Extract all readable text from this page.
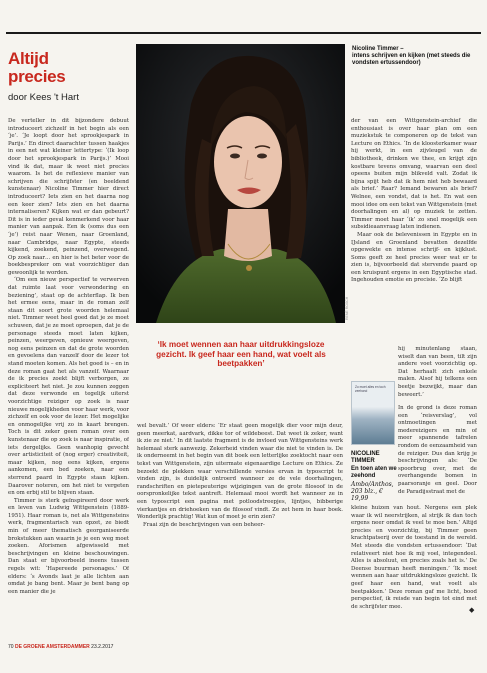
Altijd
precies
door Kees 't Hart
RENÉ ROSCH
Nicoline Timmer –
intens schrijven en kijken (met steeds die vondsten ertussendoor)

De verteller in dit bijzondere debuut introduceert zichzelf in het begin als een ‘je’. ‘Je loopt door het sprookjespark in Parijs.’ En direct daarachter tussen haakjes in een net wat kleiner lettertype: ‘(Ik loop door het sprookjespark in Parijs.)’ Mooi vind ik dat, maar ik weet niet precies waarom. Is het de reflexieve manier van schrijven die schrijfster (en beeldend kunstenaar) Nicoline Timmer hier direct introduceert? Iets zien en het daarna nog een keer zien? Iets zien en het daarna internaliseren? Kijken wat er dan gebeurt? Dit is in ieder geval kenmerkend voor haar manier van aanpak. Een ik (soms dus een ‘je’) reist naar Wenen, naar Groenland, naar Cambridge, naar Egypte, steeds kijkend, zoekend, peinzend, overwegend. Op zoek naar… en hier is het beter voor de boekbespreker om wat voorzichtiger dan gewoonlijk te worden.

‘Om een nieuw perspectief te verwerven dat ruimte laat voor verwondering en beziening’, staat op de achterflap. Ik ben het ermee eens, maar in de roman zelf staan dit soort grote woorden helemaal niet. Timmer weet heel goed dat je ze moet schuwen, dat je ze moet oproepen, dat je de personage steeds moet laten kijken, peinzen, weergeven, opnieuw weergeven, nog eens peinzen en dat de grote woorden en gevoelens dan vanzelf door de lezer tot stand moeten komen. Als het goed is – en in deze roman gaat het als vanzelf. Waarnaar de ik precies zoekt blijft verborgen, ze expliciteert het niet. Je zou kunnen zeggen dat deze verwonde en tegelijk uiterst voorzichtige reiziger op zoek is naar nieuwe mogelijkheden voor haar werk, voor zichzelf en ook voor de lezer. Het mogelijke en onmogelijke vrij zo in kaart brengen. Toch is dit zeker geen roman over een kunstenaar die op zoek is naar inspiratie, of iets dergelijks. Geen wanhopig gevecht over artisticiteit of (nog erger) creativiteit, maar kijken, nog eens kijken, ergens aankomen, een bed zoeken, naar een sterrend paard in Egypte staan kijken. Daarover noteren, om het niet te vergeten en om erbij stil te blijven staan.

Timmer is sterk geïnspireerd door werk en leven van Ludwig Wittgenstein (1889-1951). Haar roman is, net als Wittgensteins werk, fragmentarisch van opzet, ze biedt min of meer thematisch georganiseerde brokstukken aan waarin je je een weg moet zoeken. Aforismen afgewisseld met beschrijvingen en kleine beschouwingen. Dan staat er bijvoorbeeld ineens tussen regels wit: ‘Hapereede personages.’ Of elders: ‘s Avonds laat je alle lichten aan omdat je bang bent. Maar je bent bang op een manier die je

‘Ik moet wennen aan haar uitdrukkingsloze gezicht. Ik geef haar een hand, wat voelt als beetpakken’

wel bevalt.’ Of weer elders: ‘Er staat geen mogelijk dier voor mijn deur, geen meerkat, aardvark, dikke tor of wildebeest. Dat weet ik zeker, want ik zie ze niet.’ In dit laatste fragment is de invloed van Wittgensteins werk helemaal sterk aanwezig. Zekerheid vinden waar die niet te vinden is. De ik onderneemt in het begin van dit boek een letterlijke zoektocht naar een tekst van Wittgenstein, zijn uitermate eigenaardige Lecture on Ethics. Ze bezoekt de plekken waar verschillende versies ervan in typoscript te vinden zijn, is duidelijk ontroerd wanneer ze de vele doorhalingen, randschriften en pietepeuterige wijzigingen van de grote filosoof in de oorspronkelijke tekst aantreft. Helemaal mooi wordt het wanneer ze in een typoscript een pagina met potloodstreepjes, lijntjes, bibberige vierkantjes en driehoeken van de filosoof vindt. Ze zet hem in haar boek. Wonderlijk prachtig! Wat kun of moet je erin zien?

Fraai zijn de beschrijvingen van een beheer-

der van een Wittgenstein-archief die enthousiast is over haar plan om een muziekstuk te componeren op de tekst van Lecture on Ethics. ‘In de kloosterkamer waar hij werkt, in een zijvleugel van de bibliotheek, drinken we thee, en krijgt zijn kostbare tevens omvang, waarvan een deel opeens buiten mijn blikveld valt. Zodat ik bijna spijt heb dat ik hem niet heb bewaard als brief.’ Raar? Iemand bewaren als brief? Welnee, een vondst, dat is het. En wat een mooi idee om een tekst van Wittgenstein (met doorhalingen en al) op muziek te zetten. Timmer moet haar ‘ik’ zo snel mogelijk een subsidieaanvraag laten indienen.

Maar ook de belevenissen in Egypte en in IJsland en Groenland bevatten dezelfde opgewekte en intense schrijf- en kijklust. Soms geeft ze heel precies weer wat er te zien is, bijvoorbeeld dat stervende paard op een kruispunt ergens in een Egyptische stad. Ingehouden emotie en precisie. ‘Zo blijft

Zo moet alles en toch zeehond

hij minutenlang staan, wiselt dan van been, tilt zijn andere voet voorzichtig op. Dat herhaalt zich enkele malen. Alsof hij telkens een beetje bezwijkt, maar dan beweert.’

In de grond is deze roman een ‘reisverslag’, vol ontmoetingen met medereizigers en min of meer spannende tafrelen rondom de eenzaamheid van de reiziger. Dus dan krijg je beschrijvingen als: ‘De spoorbrug over, met de overhangende bomen in paarsoranje en geel. Door de Paradijsstraat met de

NICOLINE TIMMER
En toen aten we zeehond
Ambo/Anthos,
203 blz., € 19,99

kleine huizen van hout. Nergens een plek waar ik wil neerstrijken, al strijk ik dan toch ergens neer omdat ik veel te moe ben.’ Altijd precies en voorzichtig, bij Timmer geen krachtpatserij over de toestand in de wereld. Met steeds die vondsten ertussendoor: ‘Dat relativeert niet hoe ik mij voel, integendeel. Alles is absoluut, en precies zoals het is.’ De Deense buurman heeft meningen.’ ‘Ik moet wennen aan haar uitdrukkingsloze gezicht. Ik geef haar een hand, wat voelt als beetpakken.’ Deze roman gaf me licht, bood perspectief, ik reisde van begin tot eind met de schrijfster mee.	◆
70 DE GROENE AMSTERDAMMER 23.2.2017
